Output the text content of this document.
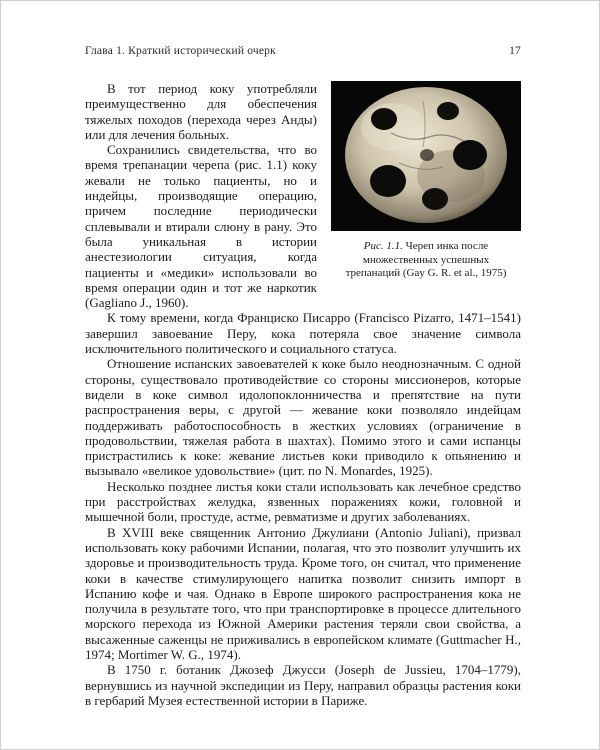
Глава 1. Краткий исторический очерк	17
Рис. 1.1. Череп инка после множественных успешных трепанаций (Gay G. R. et al., 1975)

В тот период коку употребляли преимущественно для обеспечения тяжелых походов (перехода через Анды) или для лечения больных.

Сохранились свидетельства, что во время трепанации черепа (рис. 1.1) коку жевали не только пациенты, но и индейцы, производящие операцию, причем последние периодически сплевывали и втирали слюну в рану. Это была уникальная в истории анестезиологии ситуация, когда пациенты и «медики» использовали во время операции один и тот же наркотик (Gagliano J., 1960).

К тому времени, когда Франциско Писарро (Francisco Pizarro, 1471–1541) завершил завоевание Перу, кока потеряла свое значение символа исключительного политического и социального статуса.

Отношение испанских завоевателей к коке было неоднозначным. С одной стороны, существовало противодействие со стороны миссионеров, которые видели в коке символ идолопоклонничества и препятствие на пути распространения веры, с другой — жевание коки позволяло индейцам поддерживать работоспособность в жестких условиях (ограничение в продовольствии, тяжелая работа в шахтах). Помимо этого и сами испанцы пристрастились к коке: жевание листьев коки приводило к опьянению и вызывало «великое удовольствие» (цит. по N. Monardes, 1925).

Несколько позднее листья коки стали использовать как лечебное средство при расстройствах желудка, язвенных поражениях кожи, головной и мышечной боли, простуде, астме, ревматизме и других заболеваниях.

В XVIII веке священник Антонио Джулиани (Antonio Juliani), призвал использовать коку рабочими Испании, полагая, что это позволит улучшить их здоровье и производительность труда. Кроме того, он считал, что применение коки в качестве стимулирующего напитка позволит снизить импорт в Испанию кофе и чая. Однако в Европе широкого распространения кока не получила в результате того, что при транспортировке в процессе длительного морского перехода из Южной Америки растения теряли свои свойства, а высаженные саженцы не приживались в европейском климате (Guttmacher H., 1974; Mortimer W. G., 1974).

В 1750 г. ботаник Джозеф Джусси (Joseph de Jussieu, 1704–1779), вернувшись из научной экспедиции из Перу, направил образцы растения коки в гербарий Музея естественной истории в Париже.
